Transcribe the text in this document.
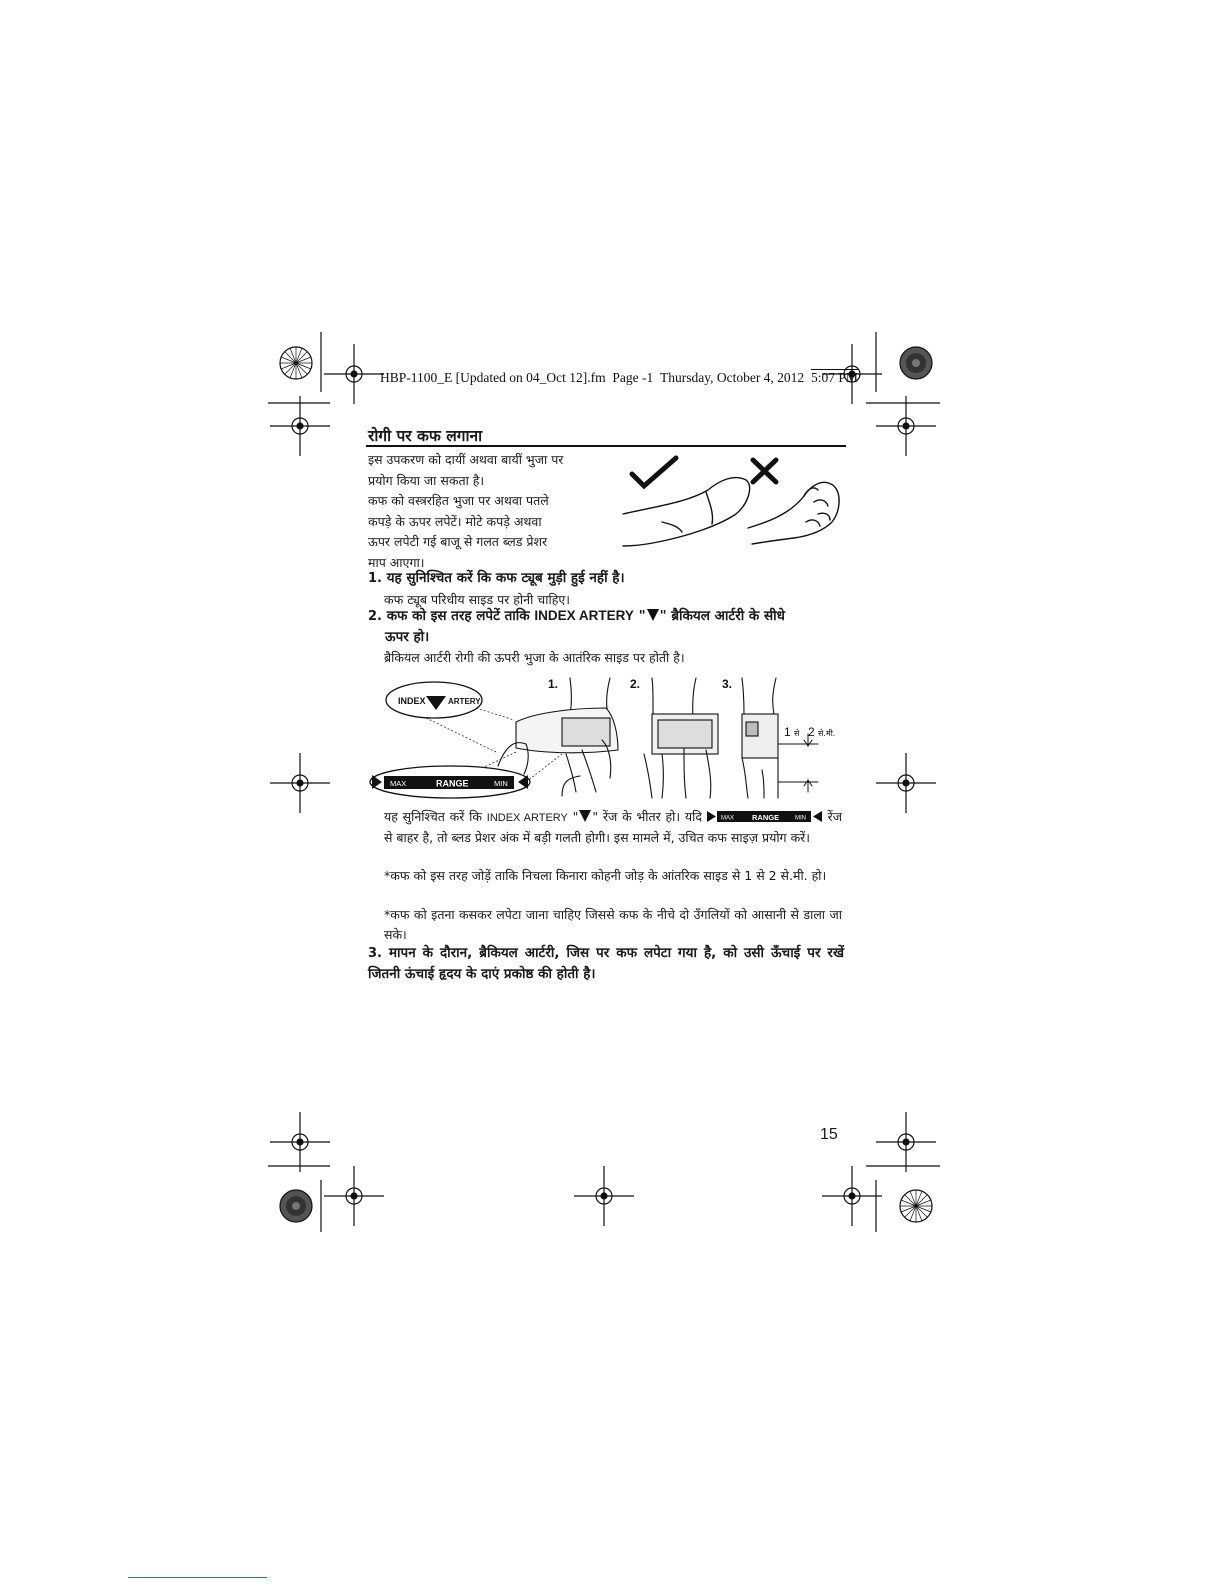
HBP-1100_E [Updated on 04_Oct 12].fm Page -1 Thursday, October 4, 2012 5:07 PM
रोगी पर कफ लगाना
इस उपकरण को दायीं अथवा बायीं भुजा पर
प्रयोग किया जा सकता है।
कफ को वस्त्ररहित भुजा पर अथवा पतले
कपड़े के ऊपर लपेटें। मोटे कपड़े अथवा
ऊपर लपेटी गई बाजू से गलत ब्लड प्रेशर
माप आएगा।
1. यह सुनिश्चित करें कि कफ ट्यूब मुड़ी हुई नहीं है।
कफ ट्यूब परिधीय साइड पर होनी चाहिए।
2. कफ को इस तरह लपेटें ताकि INDEX ARTERY " " ब्रैकियल आर्टरी के सीधे
ऊपर हो।
ब्रैकियल आर्टरी रोगी की ऊपरी भुजा के आतंरिक साइड पर होती है।
INDEX	ARTERY
MAX	RANGE	MIN
1.	2.	3.
1 से 2 से.मी.
यह सुनिश्चित करें कि INDEX ARTERY " " रेंज के भीतर हो। यदि	MAX RANGE	MIN रेंज से बाहर है, तो ब्लड प्रेशर अंक में बड़ी गलती होगी। इस मामले में, उचित कफ साइज़ प्रयोग करें।
*कफ को इस तरह जोड़ें ताकि निचला किनारा कोहनी जोड़ के आंतरिक साइड से 1 से 2 से.मी. हो।
*कफ को इतना कसकर लपेटा जाना चाहिए जिससे कफ के नीचे दो उँगलियों को आसानी से डाला जा सके।
3. मापन के दौरान, ब्रैकियल आर्टरी, जिस पर कफ लपेटा गया है, को उसी ऊँचाई पर रखें जितनी ऊंचाई हृदय के दाएं प्रकोष्ठ की होती है।
15
